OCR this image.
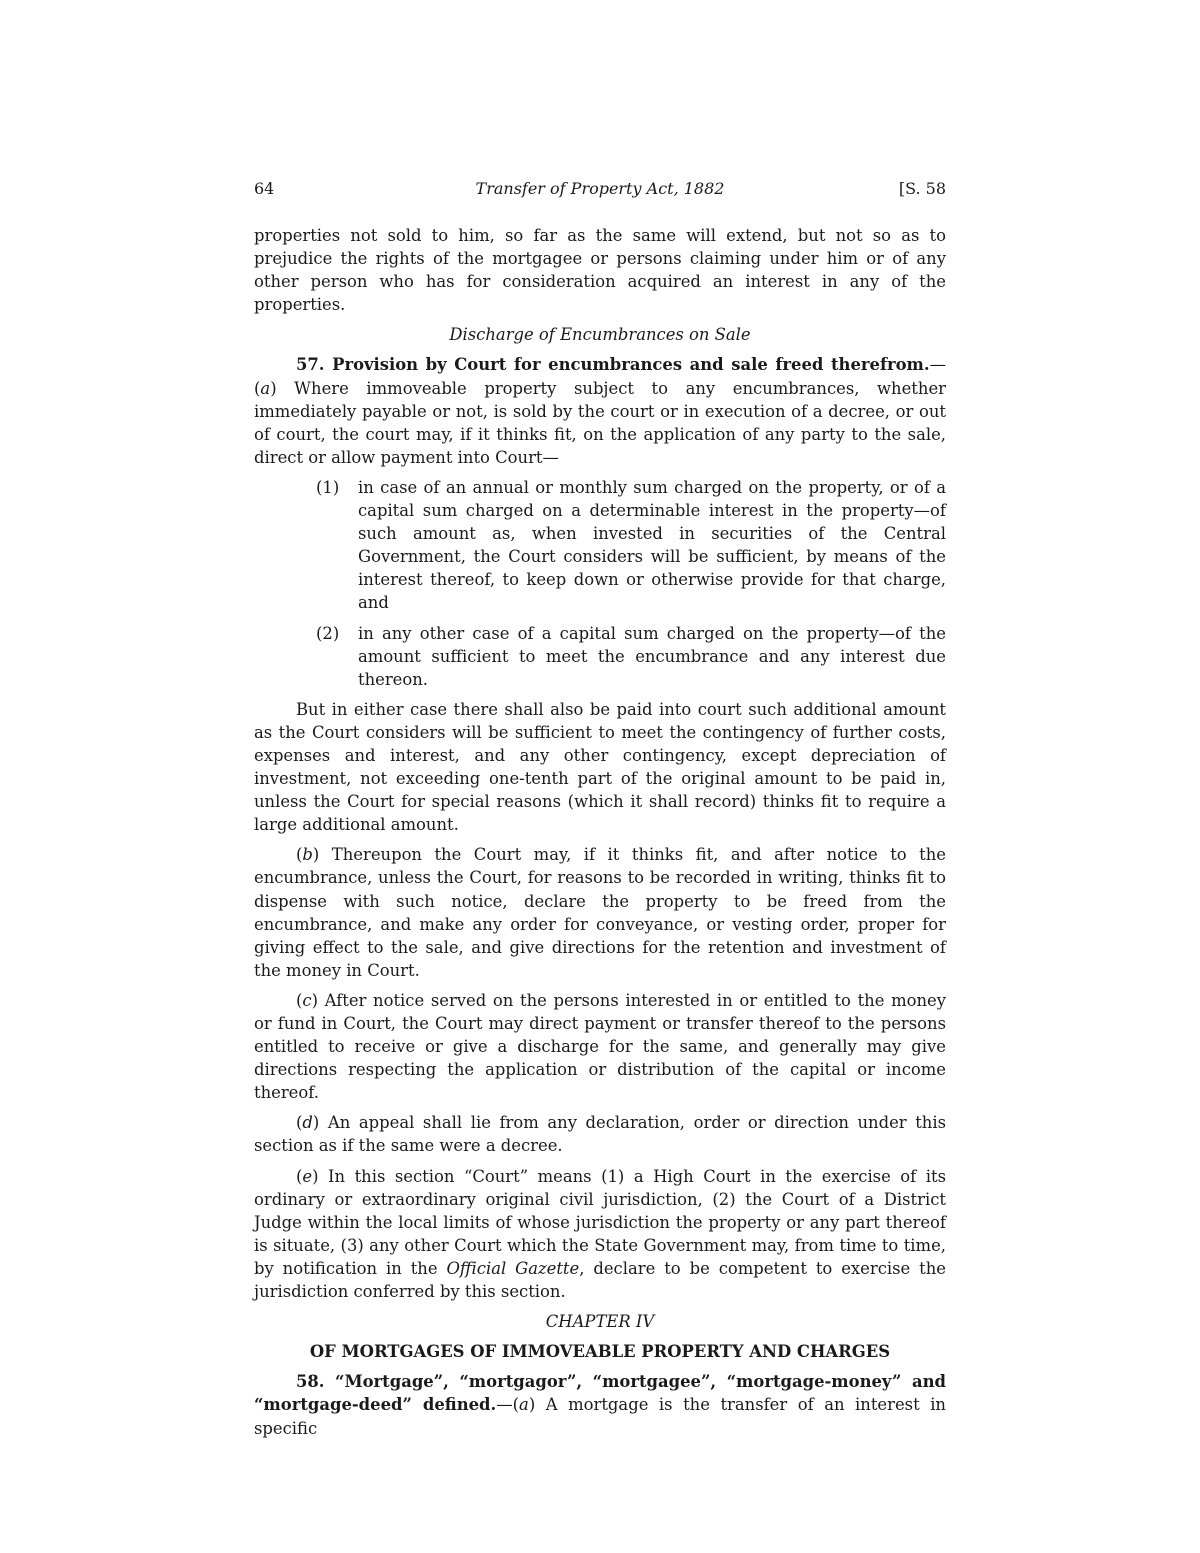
64	Transfer of Property Act, 1882	[S. 58

properties not sold to him, so far as the same will extend, but not so as to prejudice the rights of the mortgagee or persons claiming under him or of any other person who has for consideration acquired an interest in any of the properties.

Discharge of Encumbrances on Sale

57. Provision by Court for encumbrances and sale freed therefrom.—(a) Where immoveable property subject to any encumbrances, whether immediately payable or not, is sold by the court or in execution of a decree, or out of court, the court may, if it thinks fit, on the application of any party to the sale, direct or allow payment into Court—

(1) in case of an annual or monthly sum charged on the property, or of a capital sum charged on a determinable interest in the property—of such amount as, when invested in securities of the Central Government, the Court considers will be sufficient, by means of the interest thereof, to keep down or otherwise provide for that charge, and
(2) in any other case of a capital sum charged on the property—of the amount sufficient to meet the encumbrance and any interest due thereon.

But in either case there shall also be paid into court such additional amount as the Court considers will be sufficient to meet the contingency of further costs, expenses and interest, and any other contingency, except depreciation of investment, not exceeding one-tenth part of the original amount to be paid in, unless the Court for special reasons (which it shall record) thinks fit to require a large additional amount.

(b) Thereupon the Court may, if it thinks fit, and after notice to the encumbrance, unless the Court, for reasons to be recorded in writing, thinks fit to dispense with such notice, declare the property to be freed from the encumbrance, and make any order for conveyance, or vesting order, proper for giving effect to the sale, and give directions for the retention and investment of the money in Court.

(c) After notice served on the persons interested in or entitled to the money or fund in Court, the Court may direct payment or transfer thereof to the persons entitled to receive or give a discharge for the same, and generally may give directions respecting the application or distribution of the capital or income thereof.

(d) An appeal shall lie from any declaration, order or direction under this section as if the same were a decree.

(e) In this section “Court” means (1) a High Court in the exercise of its ordinary or extraordinary original civil jurisdiction, (2) the Court of a District Judge within the local limits of whose jurisdiction the property or any part thereof is situate, (3) any other Court which the State Government may, from time to time, by notification in the Official Gazette, declare to be competent to exercise the jurisdiction conferred by this section.

CHAPTER IV
OF MORTGAGES OF IMMOVEABLE PROPERTY AND CHARGES

58. “Mortgage”, “mortgagor”, “mortgagee”, “mortgage-money” and “mortgage-deed” defined.—(a) A mortgage is the transfer of an interest in specific
